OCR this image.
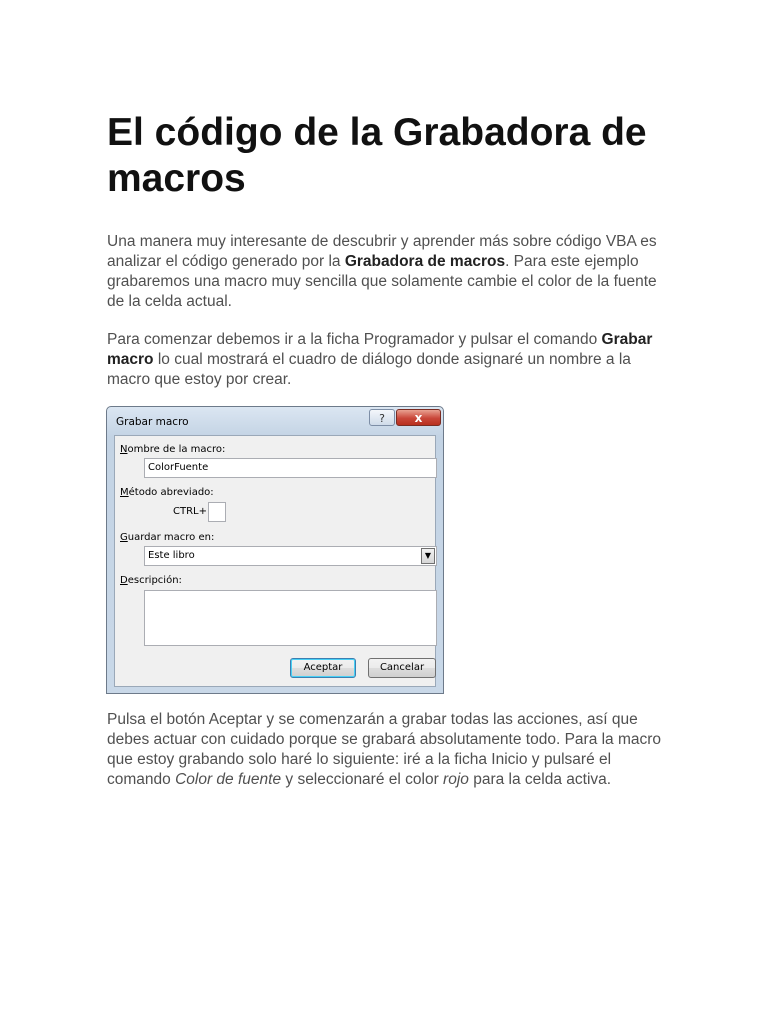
El código de la Grabadora de macros

Una manera muy interesante de descubrir y aprender más sobre código VBA es analizar el código generado por la Grabadora de macros. Para este ejemplo grabaremos una macro muy sencilla que solamente cambie el color de la fuente de la celda actual.

Para comenzar debemos ir a la ficha Programador y pulsar el comando Grabar macro lo cual mostrará el cuadro de diálogo donde asignaré un nombre a la macro que estoy por crear.

Pulsa el botón Aceptar y se comenzarán a grabar todas las acciones, así que debes actuar con cuidado porque se grabará absolutamente todo. Para la macro que estoy grabando solo haré lo siguiente: iré a la ficha Inicio y pulsaré el comando Color de fuente y seleccionaré el color rojo para la celda activa.

Grabar macro	?	x
Nombre de la macro:
ColorFuente
Método abreviado:
CTRL+
Guardar macro en:
Este libro	▼
Descripción:
Aceptar	Cancelar
